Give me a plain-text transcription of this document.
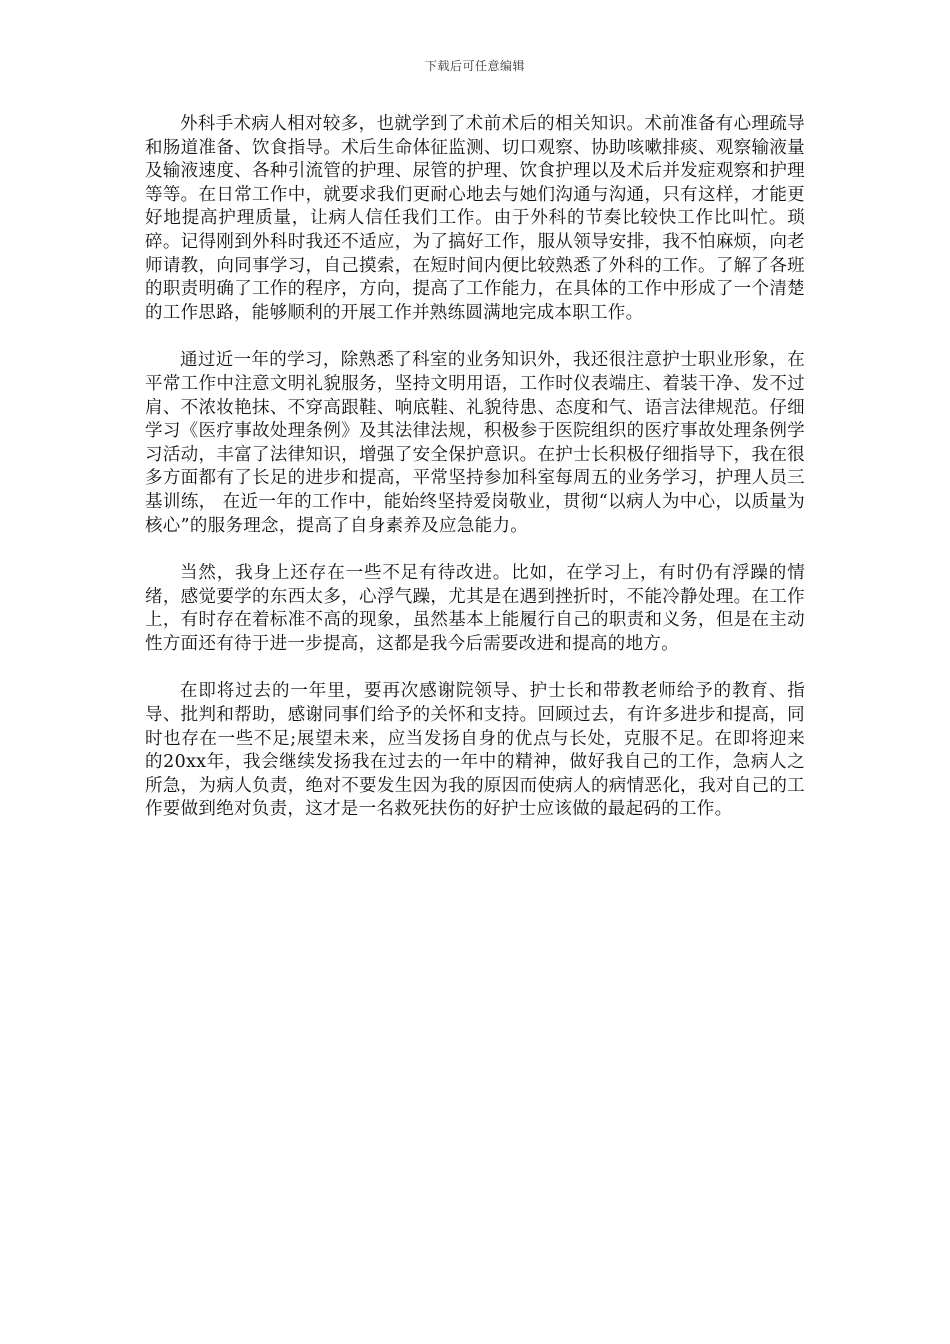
下载后可任意编辑

外科手术病人相对较多，也就学到了术前术后的相关知识。术前准备有心理疏导和肠道准备、饮食指导。术后生命体征监测、切口观察、协助咳嗽排痰、观察输液量及输液速度、各种引流管的护理、尿管的护理、饮食护理以及术后并发症观察和护理等等。在日常工作中，就要求我们更耐心地去与她们沟通与沟通，只有这样，才能更好地提高护理质量，让病人信任我们工作。由于外科的节奏比较快工作比叫忙。琐碎。记得刚到外科时我还不适应，为了搞好工作，服从领导安排，我不怕麻烦，向老师请教，向同事学习，自己摸索，在短时间内便比较熟悉了外科的工作。了解了各班的职责明确了工作的程序，方向，提高了工作能力，在具体的工作中形成了一个清楚的工作思路，能够顺利的开展工作并熟练圆满地完成本职工作。

通过近一年的学习，除熟悉了科室的业务知识外，我还很注意护士职业形象，在平常工作中注意文明礼貌服务，坚持文明用语，工作时仪表端庄、着装干净、发不过肩、不浓妆艳抹、不穿高跟鞋、响底鞋、礼貌待患、态度和气、语言法律规范。仔细学习《医疗事故处理条例》及其法律法规，积极参于医院组织的医疗事故处理条例学习活动，丰富了法律知识，增强了安全保护意识。在护士长积极仔细指导下，我在很多方面都有了长足的进步和提高，平常坚持参加科室每周五的业务学习，护理人员三基训练， 在近一年的工作中，能始终坚持爱岗敬业，贯彻“以病人为中心，以质量为核心”的服务理念，提高了自身素养及应急能力。

当然，我身上还存在一些不足有待改进。比如，在学习上，有时仍有浮躁的情绪，感觉要学的东西太多，心浮气躁，尤其是在遇到挫折时，不能冷静处理。在工作上，有时存在着标准不高的现象，虽然基本上能履行自己的职责和义务，但是在主动性方面还有待于进一步提高，这都是我今后需要改进和提高的地方。

在即将过去的一年里，要再次感谢院领导、护士长和带教老师给予的教育、指导、批判和帮助，感谢同事们给予的关怀和支持。回顾过去，有许多进步和提高，同时也存在一些不足;展望未来，应当发扬自身的优点与长处，克服不足。在即将迎来的20xx年，我会继续发扬我在过去的一年中的精神，做好我自己的工作，急病人之所急，为病人负责，绝对不要发生因为我的原因而使病人的病情恶化，我对自己的工作要做到绝对负责，这才是一名救死扶伤的好护士应该做的最起码的工作。
